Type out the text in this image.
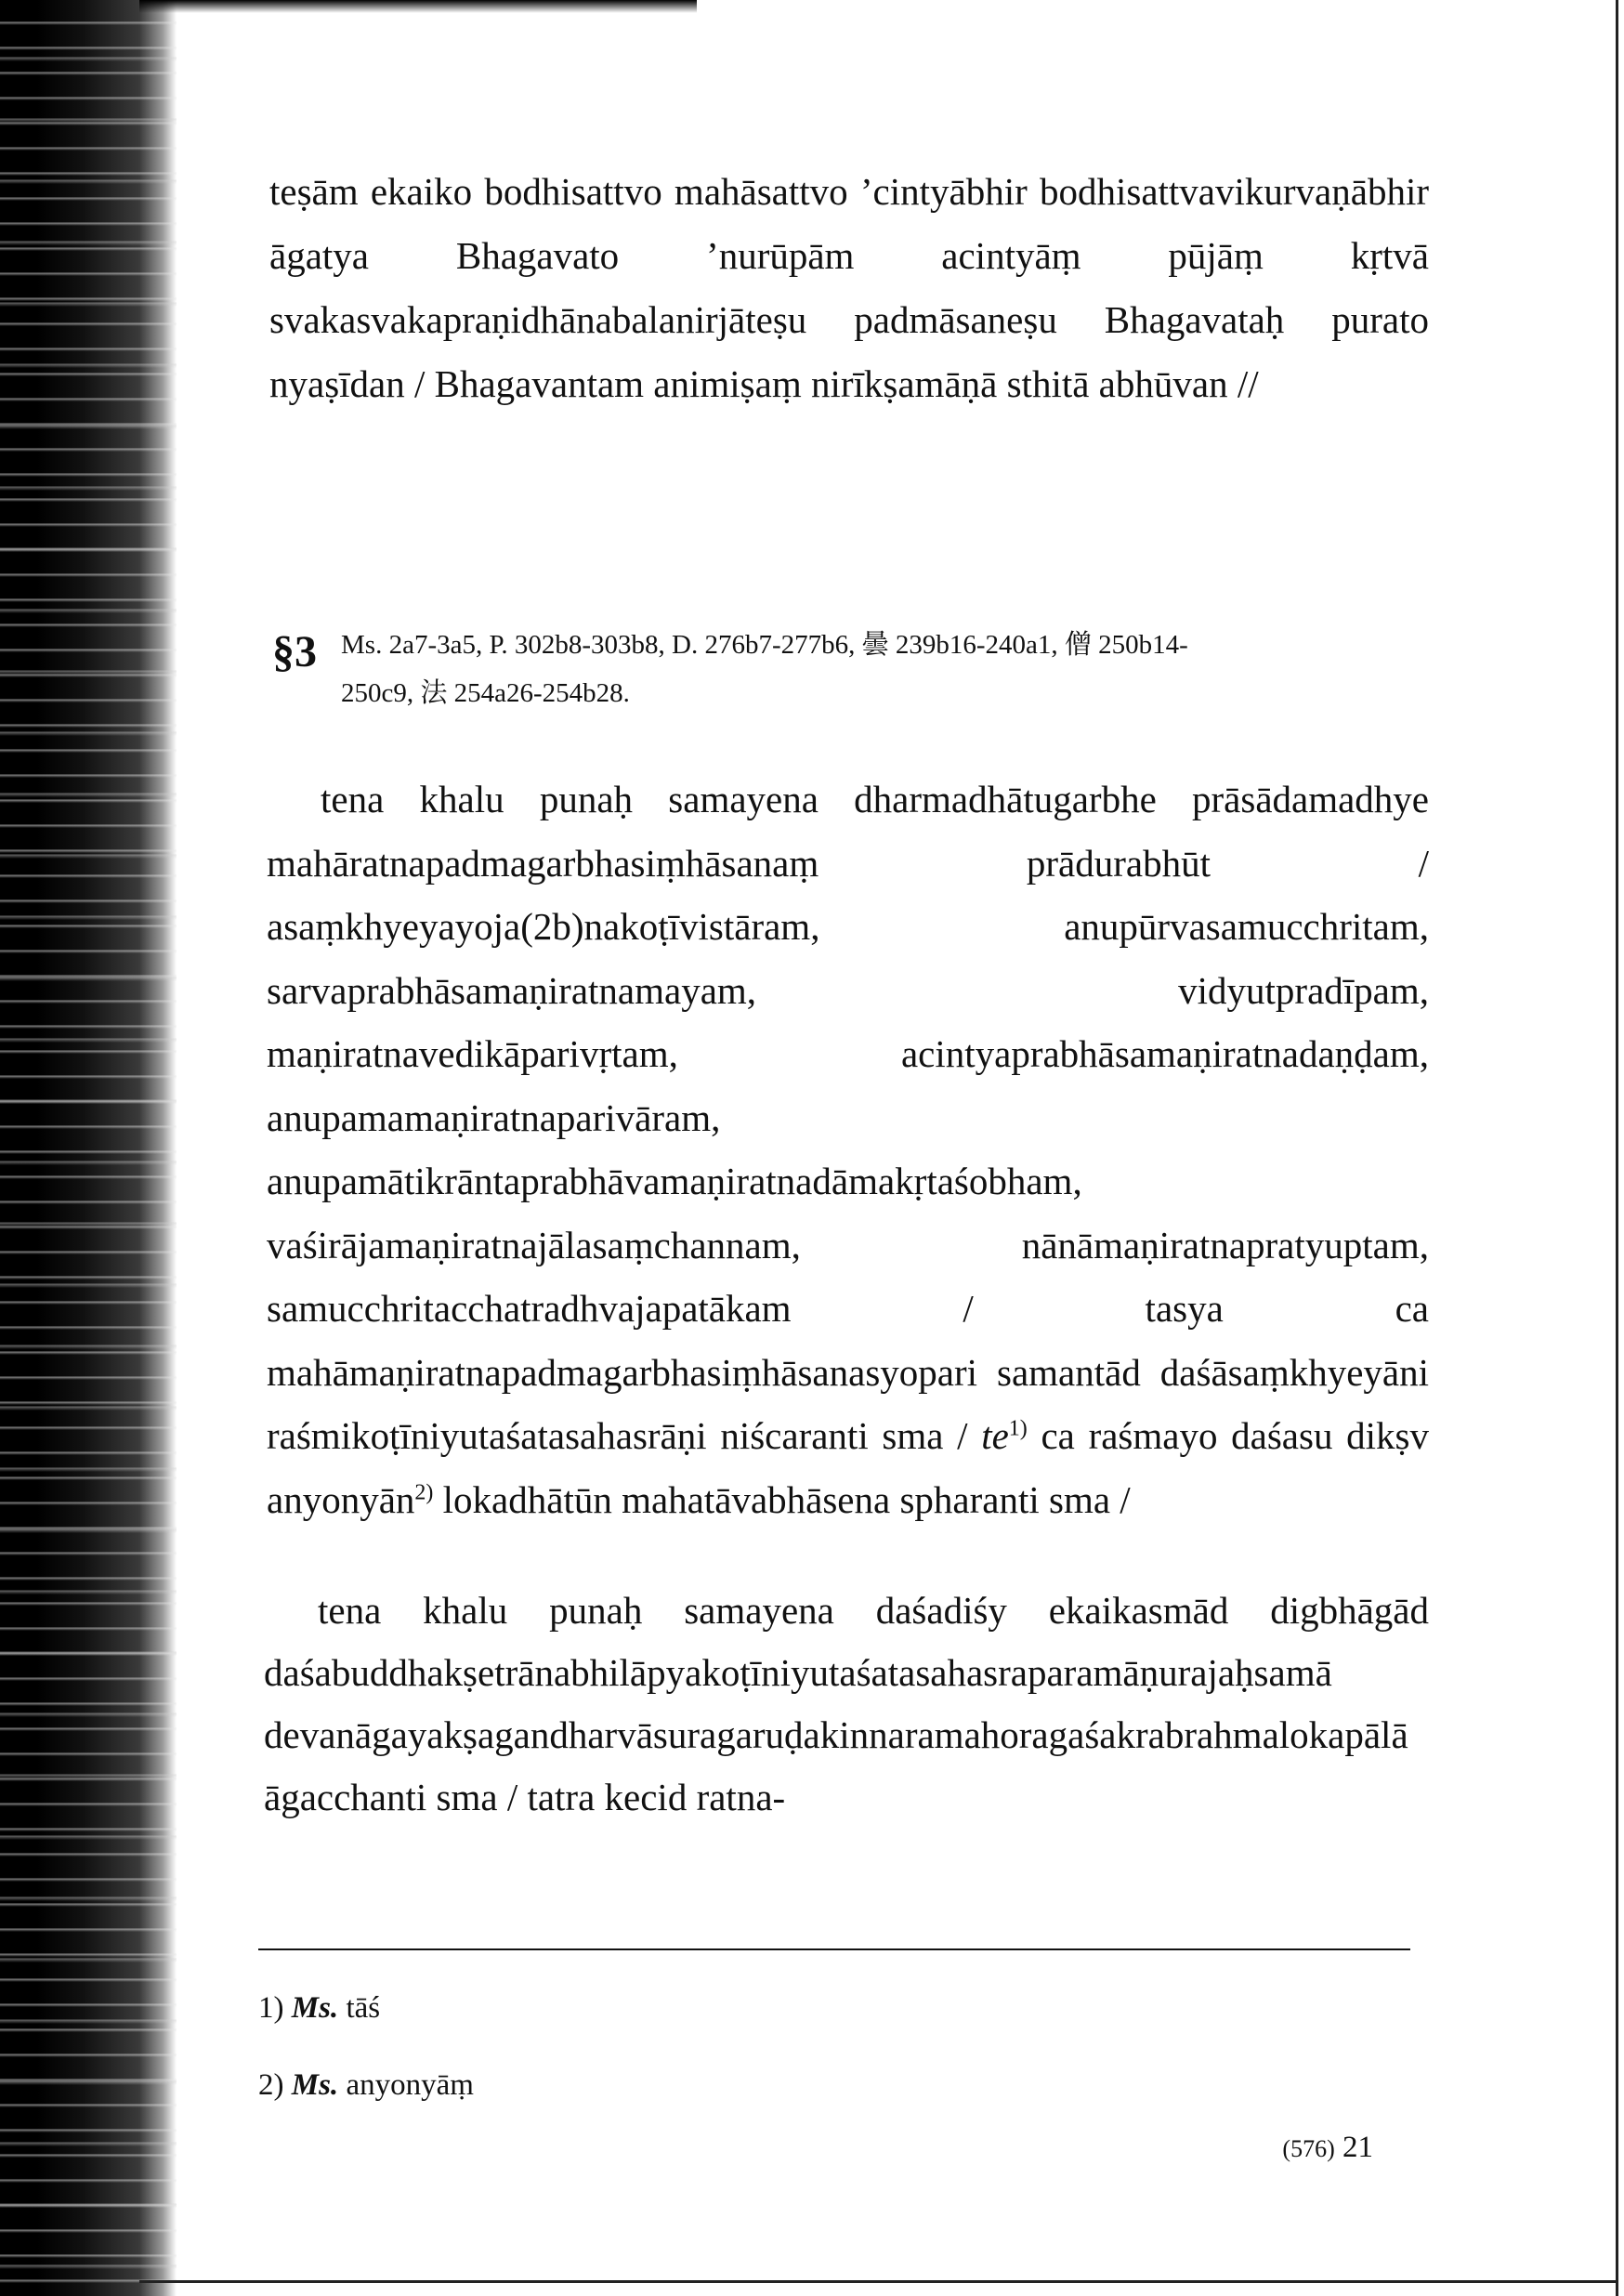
teṣām ekaiko bodhisattvo mahāsattvo ’cintyābhir bodhisattvavikurvaṇābhir āgatya Bhagavato ’nurūpām acintyāṃ pūjāṃ kṛtvā svakasvakapraṇidhānabalanirjāteṣu padmāsaneṣu Bhagavataḥ purato nyaṣīdan / Bhagavantam animiṣaṃ nirīkṣamāṇā sthitā abhūvan //

§3 Ms. 2a7-3a5, P. 302b8-303b8, D. 276b7-277b6, 曇 239b16-240a1, 僧 250b14-
250c9, 法 254a26-254b28.

tena khalu punaḥ samayena dharmadhātugarbhe prāsādamadhye mahāratnapadmagarbhasiṃhāsanaṃ prādurabhūt / asaṃkhyeyayoja(2b)nakoṭīvistāram, anupūrvasamucchritam, sarvaprabhāsamaṇiratnamayam, vidyutpradīpam, maṇiratnavedikāparivṛtam, acintyaprabhāsamaṇiratnadaṇḍam, anupamamaṇiratnaparivāram, anupamātikrāntaprabhāvamaṇiratnadāmakṛtaśobham, vaśirājamaṇiratnajālasaṃchannam, nānāmaṇiratnapratyuptam, samucchritacchatradhvajapatākam / tasya ca mahāmaṇiratnapadmagarbhasiṃhāsanasyopari samantād daśāsaṃkhyeyāni raśmikoṭīniyutaśatasahasrāṇi niścaranti sma / $te^{1)}$ ca raśmayo daśasu dikṣv anyonyān$^{2)}$ lokadhātūn mahatāvabhāsena spharanti sma /

tena khalu punaḥ samayena daśadiśy ekaikasmād digbhāgād daśabuddhakṣetrānabhilāpyakoṭīniyutaśatasahasraparamāṇurajaḥsamā devanāgayakṣagandharvāsuragaruḍakinnaramahoragaśakrabrahmalokapālā āgacchanti sma / tatra kecid ratna-

1) Ms. tāś
2) Ms. anyonyāṃ
(576) 21
